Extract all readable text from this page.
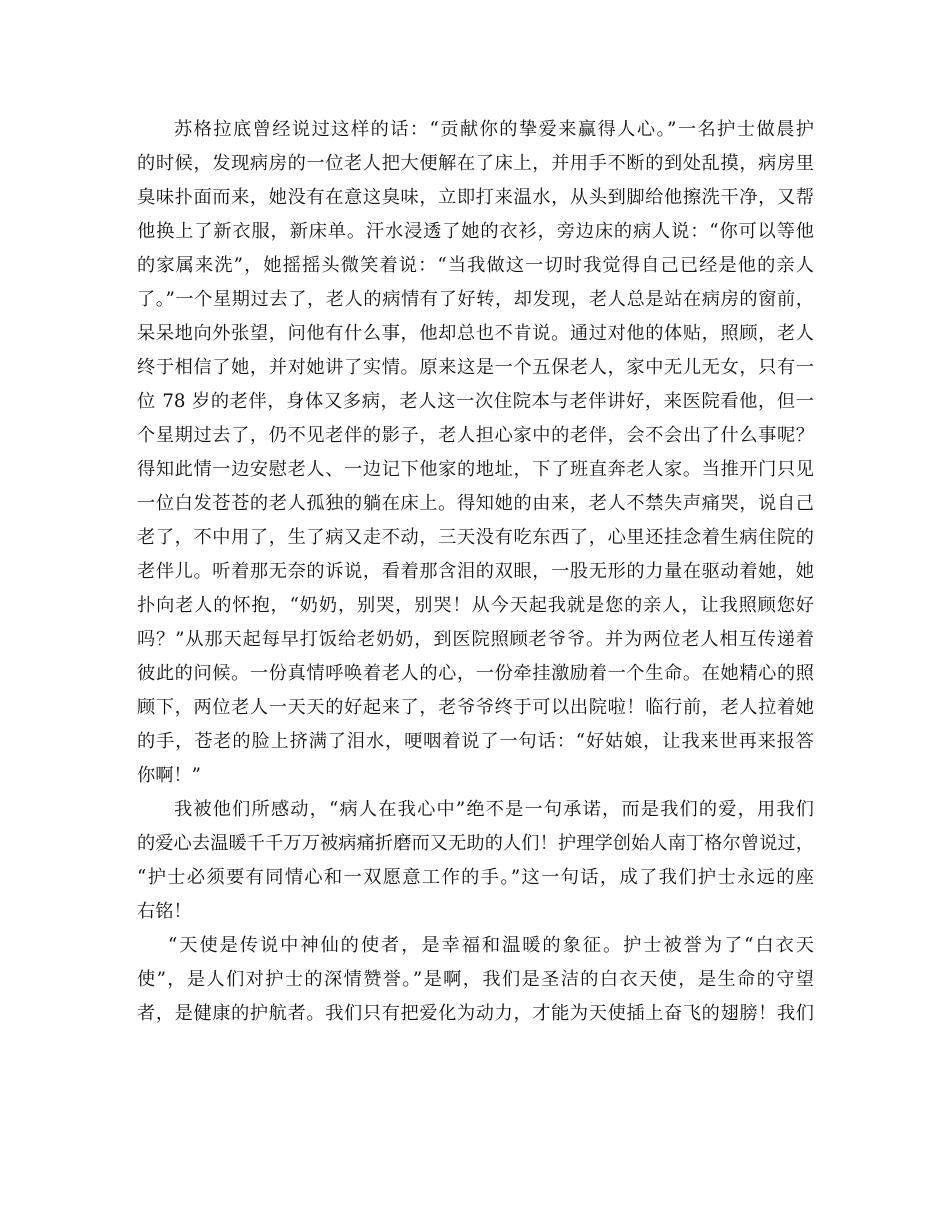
苏格拉底曾经说过这样的话：“贡献你的挚爱来赢得人心。”一名护士做晨护
的时候，发现病房的一位老人把大便解在了床上，并用手不断的到处乱摸，病房里
臭味扑面而来，她没有在意这臭味，立即打来温水，从头到脚给他擦洗干净，又帮
他换上了新衣服，新床单。汗水浸透了她的衣衫，旁边床的病人说：“你可以等他
的家属来洗”，她摇摇头微笑着说：“当我做这一切时我觉得自己已经是他的亲人
了。”一个星期过去了，老人的病情有了好转，却发现，老人总是站在病房的窗前，
呆呆地向外张望，问他有什么事，他却总也不肯说。通过对他的体贴，照顾，老人
终于相信了她，并对她讲了实情。原来这是一个五保老人，家中无儿无女，只有一
位 78 岁的老伴，身体又多病，老人这一次住院本与老伴讲好，来医院看他，但一
个星期过去了，仍不见老伴的影子，老人担心家中的老伴，会不会出了什么事呢？
得知此情一边安慰老人、一边记下他家的地址，下了班直奔老人家。当推开门只见
一位白发苍苍的老人孤独的躺在床上。得知她的由来，老人不禁失声痛哭，说自己
老了，不中用了，生了病又走不动，三天没有吃东西了，心里还挂念着生病住院的
老伴儿。听着那无奈的诉说，看着那含泪的双眼，一股无形的力量在驱动着她，她
扑向老人的怀抱，“奶奶，别哭，别哭！从今天起我就是您的亲人，让我照顾您好
吗？”从那天起每早打饭给老奶奶，到医院照顾老爷爷。并为两位老人相互传递着
彼此的问候。一份真情呼唤着老人的心，一份牵挂激励着一个生命。在她精心的照
顾下，两位老人一天天的好起来了，老爷爷终于可以出院啦！临行前，老人拉着她
的手，苍老的脸上挤满了泪水，哽咽着说了一句话：“好姑娘，让我来世再来报答
你啊！”
我被他们所感动，“病人在我心中”绝不是一句承诺，而是我们的爱，用我们
的爱心去温暖千千万万被病痛折磨而又无助的人们！护理学创始人南丁格尔曾说过，
“护士必须要有同情心和一双愿意工作的手。”这一句话，成了我们护士永远的座
右铭！
“天使是传说中神仙的使者，是幸福和温暖的象征。护士被誉为了“白衣天
使”，是人们对护士的深情赞誉。”是啊，我们是圣洁的白衣天使，是生命的守望
者，是健康的护航者。我们只有把爱化为动力，才能为天使插上奋飞的翅膀！我们
